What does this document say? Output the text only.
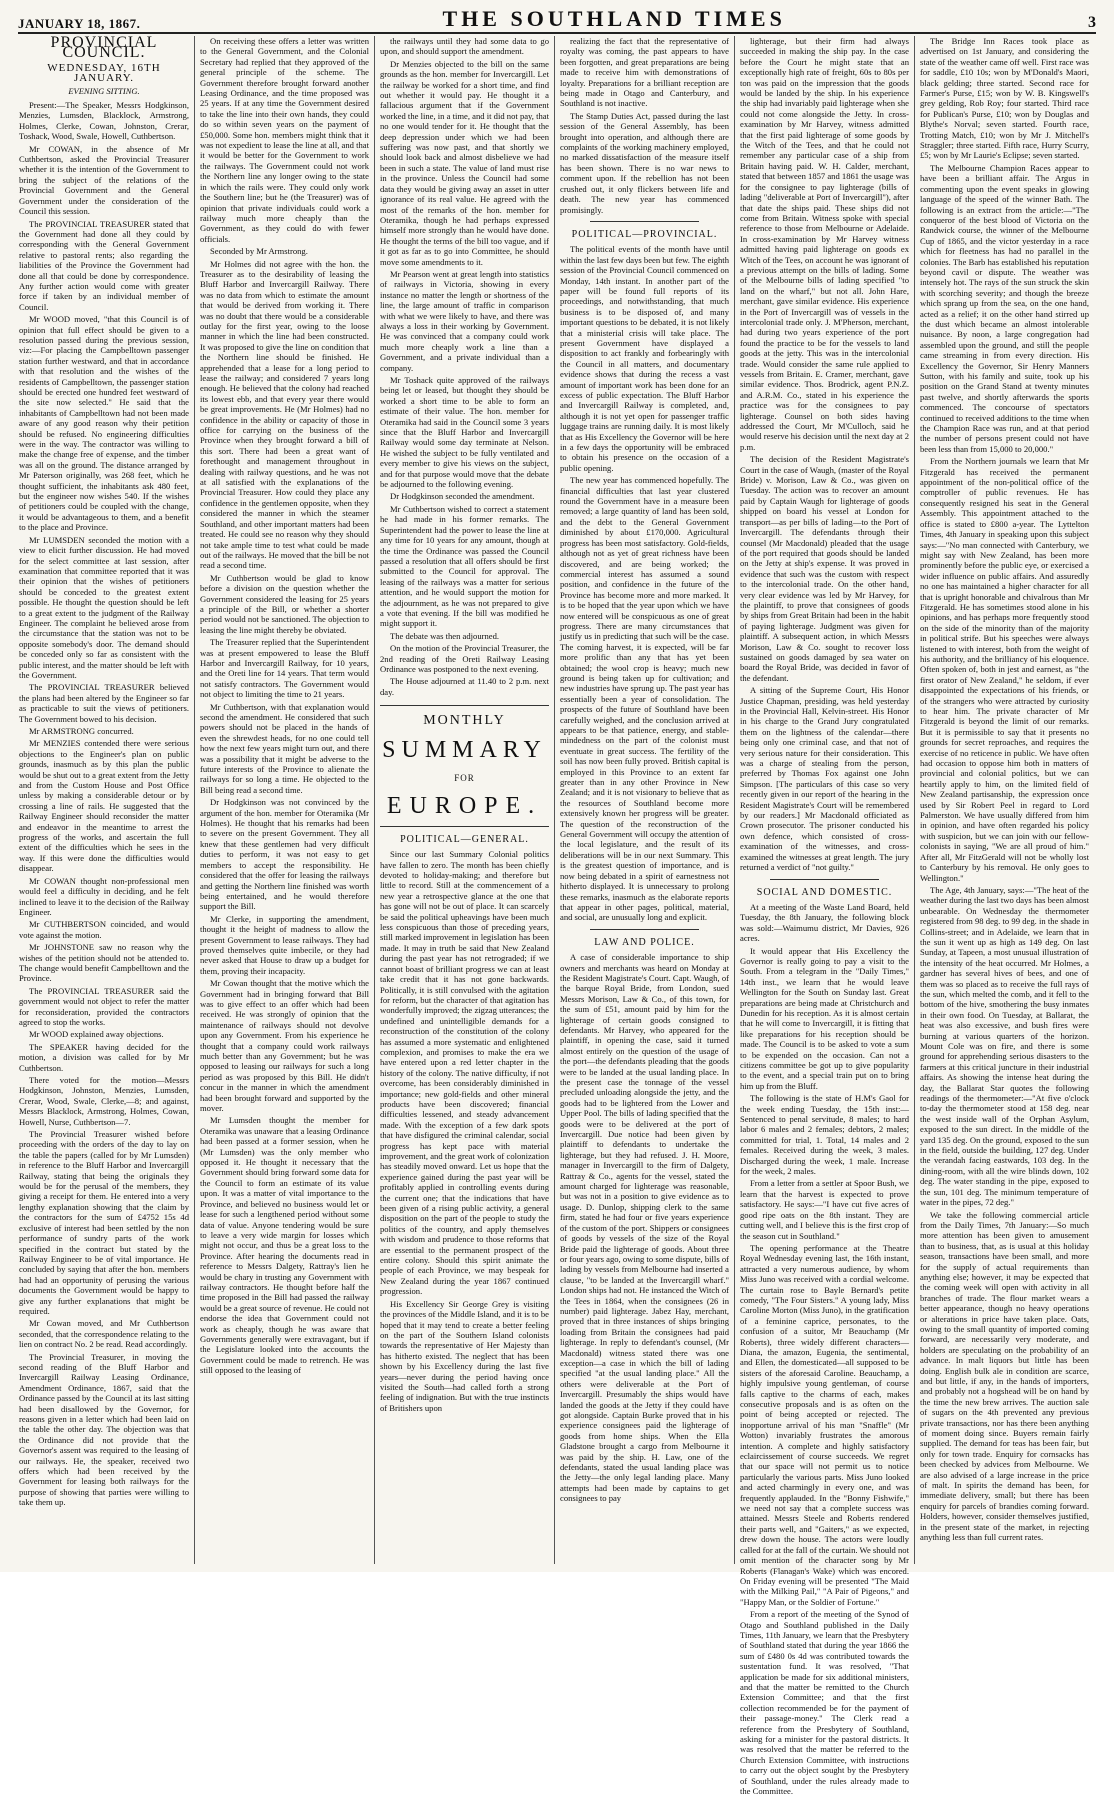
JANUARY 18, 1867.	THE SOUTHLAND TIMES	3
PROVINCIAL COUNCIL.
WEDNESDAY, 16TH JANUARY.
EVENING SITTING.

Present:—The Speaker, Messrs Hodgkinson, Menzies, Lumsden, Blacklock, Armstrong, Holmes, Clerke, Cowan, Johnston, Crerar, Toshack, Wood, Swale, Howell, Cuthbertson.

Mr COWAN, in the absence of Mr Cuthbertson, asked the Provincial Treasurer whether it is the intention of the Government to bring the subject of the relations of the Provincial Government and the General Government under the consideration of the Council this session.

The PROVINCIAL TREASURER stated that the Government had done all they could by corresponding with the General Government relative to pastoral rents; also regarding the liabilities of the Province the Government had done all that could be done by correspondence. Any further action would come with greater force if taken by an individual member of Council.

Mr WOOD moved, "that this Council is of opinion that full effect should be given to a resolution passed during the previous session, viz:—For placing the Campbelltown passenger station further westward, and that in accordance with that resolution and the wishes of the residents of Campbelltown, the passenger station should be erected one hundred feet westward of the site now selected." He said that the inhabitants of Campbelltown had not been made aware of any good reason why their petition should be refused. No engineering difficulties were in the way. The contractor was willing to make the change free of expense, and the timber was all on the ground. The distance arranged by Mr Paterson originally, was 268 feet, which he thought sufficient, the inhabitants ask 480 feet, but the engineer now wishes 540. If the wishes of petitioners could be coupled with the change, it would be advantageous to them, and a benefit to the place and Province.

Mr LUMSDEN seconded the motion with a view to elicit further discussion. He had moved for the select committee at last session, after examination that committee reported that it was their opinion that the wishes of petitioners should be conceded to the greatest extent possible. He thought the question should be left to a great extent to the judgment of the Railway Engineer. The complaint he believed arose from the circumstance that the station was not to be opposite somebody's door. The demand should be conceded only so far as consistent with the public interest, and the matter should be left with the Government.

The PROVINCIAL TREASURER believed the plans had been altered by the Engineer so far as practicable to suit the views of petitioners. The Government bowed to his decision.

Mr ARMSTRONG concurred.

Mr MENZIES contended there were serious objections to the Engineer's plan on public grounds, inasmuch as by this plan the public would be shut out to a great extent from the Jetty and from the Custom House and Post Office unless by making a considerable detour or by crossing a line of rails. He suggested that the Railway Engineer should reconsider the matter and endeavor in the meantime to arrest the progress of the works, and ascertain the full extent of the difficulties which he sees in the way. If this were done the difficulties would disappear.

Mr COWAN thought non-professional men would feel a difficulty in deciding, and he felt inclined to leave it to the decision of the Railway Engineer.

Mr CUTHBERTSON coincided, and would vote against the motion.

Mr JOHNSTONE saw no reason why the wishes of the petition should not be attended to. The change would benefit Campbelltown and the Province.

The PROVINCIAL TREASURER said the government would not object to refer the matter for reconsideration, provided the contractors agreed to stop the works.

Mr WOOD explained away objections.

The SPEAKER having decided for the motion, a division was called for by Mr Cuthbertson.

There voted for the motion—Messrs Hodgkinson, Johnston, Menzies, Lumsden, Crerar, Wood, Swale, Clerke,—8; and against, Messrs Blacklock, Armstrong, Holmes, Cowan, Howell, Nurse, Cuthbertson—7.

The Provincial Treasurer wished before proceeding with the orders of the day to lay on the table the papers (called for by Mr Lumsden) in reference to the Bluff Harbor and Invercargill Railway, stating that being the originals they would be for the perusal of the members, they giving a receipt for them. He entered into a very lengthy explanation showing that the claim by the contractors for the sum of £4752 15s 4d exclusive of interest had been settled by the non performance of sundry parts of the work specified in the contract but stated by the Railway Engineer to be of vital importance. He concluded by saying that after the hon. members had had an opportunity of perusing the various documents the Government would be happy to give any further explanations that might be required.

Mr Cowan moved, and Mr Cuthbertson seconded, that the correspondence relating to the lien on contract No. 2 be read. Read accordingly.

The Provincial Treasurer, in moving the second reading of the Bluff Harbor and Invercargill Railway Leasing Ordinance, Amendment Ordinance, 1867, said that the Ordinance passed by the Council at its last sitting had been disallowed by the Governor, for reasons given in a letter which had been laid on the table the other day. The objection was that the Ordinance did not provide that the Governor's assent was required to the leasing of our railways. He, the speaker, received two offers which had been received by the Government for leasing both railways for the purpose of showing that parties were willing to take them up.

On receiving these offers a letter was written to the General Government, and the Colonial Secretary had replied that they approved of the general principle of the scheme. The Government therefore brought forward another Leasing Ordinance, and the time proposed was 25 years. If at any time the Government desired to take the line into their own hands, they could do so within seven years on the payment of £50,000. Some hon. members might think that it was not expedient to lease the line at all, and that it would be better for the Government to work the railways. The Government could not work the Northern line any longer owing to the state in which the rails were. They could only work the Southern line; but he (the Treasurer) was of opinion that private individuals could work a railway much more cheaply than the Government, as they could do with fewer officials.

Seconded by Mr Armstrong.

Mr Holmes did not agree with the hon. the Treasurer as to the desirability of leasing the Bluff Harbor and Invercargill Railway. There was no data from which to estimate the amount that would be derived from working it. There was no doubt that there would be a considerable outlay for the first year, owing to the loose manner in which the line had been constructed. It was proposed to give the line on condition that the Northern line should be finished. He apprehended that a lease for a long period to lease the railway; and considered 7 years long enough. He believed that the colony had reached its lowest ebb, and that every year there would be great improvements. He (Mr Holmes) had no confidence in the ability or capacity of those in office for carrying on the business of the Province when they brought forward a bill of this sort. There had been a great want of forethought and management throughout in dealing with railway questions, and he was not at all satisfied with the explanations of the Provincial Treasurer. How could they place any confidence in the gentlemen opposite, when they considered the manner in which the steamer Southland, and other important matters had been treated. He could see no reason why they should not take ample time to test what could be made out of the railways. He moved that the bill be not read a second time.

Mr Cuthbertson would be glad to know before a division on the question whether the Government considered the leasing for 25 years a principle of the Bill, or whether a shorter period would not be sanctioned. The objection to leasing the line might thereby be obviated.

The Treasurer replied that the Superintendent was at present empowered to lease the Bluff Harbor and Invercargill Railway, for 10 years, and the Oreti line for 14 years. That term would not satisfy contractors. The Government would not object to limiting the time to 21 years.

Mr Cuthbertson, with that explanation would second the amendment. He considered that such powers should not be placed in the hands of even the shrewdest heads, for no one could tell how the next few years might turn out, and there was a possibility that it might be adverse to the future interests of the Province to alienate the railways for so long a time. He objected to the Bill being read a second time.

Dr Hodgkinson was not convinced by the argument of the hon. member for Oteramika (Mr Holmes). He thought that his remarks had been to severe on the present Government. They all knew that these gentlemen had very difficult duties to perform, it was not easy to get members to accept the responsibility. He considered that the offer for leasing the railways and getting the Northern line finished was worth being entertained, and he would therefore support the Bill.

Mr Clerke, in supporting the amendment, thought it the height of madness to allow the present Government to lease railways. They had proved themselves quite imbecile, or they had never asked that House to draw up a budget for them, proving their incapacity.

Mr Cowan thought that the motive which the Government had in bringing forward that Bill was to give effect to an offer which had been received. He was strongly of opinion that the maintenance of railways should not devolve upon any Government. From his experience he thought that a company could work railways much better than any Government; but he was opposed to leasing our railways for such a long period as was proposed by this Bill. He didn't concur in the manner in which the amendment had been brought forward and supported by the mover.

Mr Lumsden thought the member for Oteramika was unaware that a leasing Ordinance had been passed at a former session, when he (Mr Lumsden) was the only member who opposed it. He thought it necessary that the Government should bring forward some data for the Council to form an estimate of its value upon. It was a matter of vital importance to the Province, and believed no business would let or lease for such a lengthened period without some data of value. Anyone tendering would be sure to leave a very wide margin for losses which might not occur, and thus be a great loss to the Province. After hearing the documents read in reference to Messrs Dalgety, Rattray's lien he would be chary in trusting any Government with railway contractors. He thought before half the time proposed in the Bill had passed the railway would be a great source of revenue. He could not endorse the idea that Government could not work as cheaply, though he was aware that Governments generally were extravagant, but if the Legislature looked into the accounts the Government could be made to retrench. He was still opposed to the leasing of

the railways until they had some data to go upon, and should support the amendment.

Dr Menzies objected to the bill on the same grounds as the hon. member for Invercargill. Let the railway be worked for a short time, and find out whether it would pay. He thought it a fallacious argument that if the Government worked the line, in a time, and it did not pay, that no one would tender for it. He thought that the deep depression under which we had been suffering was now past, and that shortly we should look back and almost disbelieve we had been in such a state. The value of land must rise in the province. Unless the Council had some data they would be giving away an asset in utter ignorance of its real value. He agreed with the most of the remarks of the hon. member for Oteramika, though he had perhaps expressed himself more strongly than he would have done. He thought the terms of the bill too vague, and if it got as far as to go into Committee, he should move some amendments to it.

Mr Pearson went at great length into statistics of railways in Victoria, showing in every instance no matter the length or shortness of the line, the large amount of traffic in comparison with what we were likely to have, and there was always a loss in their working by Government. He was convinced that a company could work much more cheaply work a line than a Government, and a private individual than a company.

Mr Toshack quite approved of the railways being let or leased, but thought they should be worked a short time to be able to form an estimate of their value. The hon. member for Oteramika had said in the Council some 3 years since that the Bluff Harbor and Invercargill Railway would some day terminate at Nelson. He wished the subject to be fully ventilated and every member to give his views on the subject, and for that purpose would move that the debate be adjourned to the following evening.

Dr Hodgkinson seconded the amendment.

Mr Cuthbertson wished to correct a statement he had made in his former remarks. The Superintendent had the power to lease the line at any time for 10 years for any amount, though at the time the Ordinance was passed the Council passed a resolution that all offers should be first submitted to the Council for approval. The leasing of the railways was a matter for serious attention, and he would support the motion for the adjournment, as he was not prepared to give a vote that evening. If the bill was modified he might support it.

The debate was then adjourned.

On the motion of the Provincial Treasurer, the 2nd reading of the Oreti Railway Leasing Ordinance was postponed to the next evening.

The House adjourned at 11.40 to 2 p.m. next day.

MONTHLY
SUMMARY
FOR
EUROPE.
POLITICAL—GENERAL.

Since our last Summary Colonial politics have fallen to zero. The month has been chiefly devoted to holiday-making; and therefore but little to record. Still at the commencement of a new year a retrospective glance at the one that has gone will not be out of place. It can scarcely be said the political upheavings have been much less conspicuous than those of preceding years, still marked improvement in legislation has been made. It may in truth be said that New Zealand during the past year has not retrograded; if we cannot boast of brilliant progress we can at least take credit that it has not gone backwards. Politically, it is still convulsed with the agitation for reform, but the character of that agitation has wonderfully improved; the zigzag utterances; the undefined and unintelligible demands for a reconstruction of the constitution of the colony has assumed a more systematic and enlightened complexion, and promises to make the era we have entered upon a red letter chapter in the history of the colony. The native difficulty, if not overcome, has been considerably diminished in importance; new gold-fields and other mineral products have been discovered; financial difficulties lessened, and steady advancement made. With the exception of a few dark spots that have disfigured the criminal calendar, social progress has kept pace with material improvement, and the great work of colonization has steadily moved onward. Let us hope that the experience gained during the past year will be profitably applied in controlling events during the current one; that the indications that have been given of a rising public activity, a general disposition on the part of the people to study the politics of the country, and apply themselves with wisdom and prudence to those reforms that are essential to the permanent prospect of the entire colony. Should this spirit animate the people of each Province, we may bespeak for New Zealand during the year 1867 continued progression.

His Excellency Sir George Grey is visiting the provinces of the Middle Island, and it is to be hoped that it may tend to create a better feeling on the part of the Southern Island colonists towards the representative of Her Majesty than has hitherto existed. The neglect that has been shown by his Excellency during the last five years—never during the period having once visited the South—had called forth a strong feeling of indignation. But with the true instincts of Britishers upon

realizing the fact that the representative of royalty was coming, the past appears to have been forgotten, and great preparations are being made to receive him with demonstrations of loyalty. Preparations for a brilliant reception are being made in Otago and Canterbury, and Southland is not inactive.

The Stamp Duties Act, passed during the last session of the General Assembly, has been brought into operation, and although there are complaints of the working machinery employed, no marked dissatisfaction of the measure itself has been shown. There is no war news to comment upon. If the rebellion has not been crushed out, it only flickers between life and death. The new year has commenced promisingly.

POLITICAL—PROVINCIAL.

The political events of the month have until within the last few days been but few. The eighth session of the Provincial Council commenced on Monday, 14th instant. In another part of the paper will be found full reports of its proceedings, and notwithstanding, that much business is to be disposed of, and many important questions to be debated, it is not likely that a ministerial crisis will take place. The present Government have displayed a disposition to act frankly and forbearingly with the Council in all matters, and documentary evidence shows that during the recess a vast amount of important work has been done for an excess of public expectation. The Bluff Harbor and Invercargill Railway is completed, and, although it is not yet open for passenger traffic luggage trains are running daily. It is most likely that as His Excellency the Governor will be here in a few days the opportunity will be embraced to obtain his presence on the occasion of a public opening.

The new year has commenced hopefully. The financial difficulties that last year clustered round the Government have in a measure been removed; a large quantity of land has been sold, and the debt to the General Government diminished by about £170,000. Agricultural progress has been most satisfactory. Gold-fields, although not as yet of great richness have been discovered, and are being worked; the commercial interest has assumed a sound position, and confidence in the future of the Province has become more and more marked. It is to be hoped that the year upon which we have now entered will be conspicuous as one of great progress. There are many circumstances that justify us in predicting that such will be the case. The coming harvest, it is expected, will be far more prolific than any that has yet been obtained; the wool crop is heavy; much new ground is being taken up for cultivation; and new industries have sprung up. The past year has essentially been a year of consolidation. The prospects of the future of Southland have been carefully weighed, and the conclusion arrived at appears to be that patience, energy, and stable-mindedness on the part of the colonist must eventuate in great success. The fertility of the soil has now been fully proved. British capital is employed in this Province to an extent far greater than in any other Province in New Zealand; and it is not visionary to believe that as the resources of Southland become more extensively known her progress will be greater. The question of the reconstruction of the General Government will occupy the attention of the local legislature, and the result of its deliberations will be in our next Summary. This is the greatest question of importance, and is now being debated in a spirit of earnestness not hitherto displayed. It is unnecessary to prolong these remarks, inasmuch as the elaborate reports that appear in other pages, political, material, and social, are unusually long and explicit.

LAW AND POLICE.

A case of considerable importance to ship owners and merchants was heard on Monday at the Resident Magistrate's Court. Capt. Waugh, of the barque Royal Bride, from London, sued Messrs Morison, Law & Co., of this town, for the sum of £51, amount paid by him for the lighterage of certain goods consigned to defendants. Mr Harvey, who appeared for the plaintiff, in opening the case, said it turned almost entirely on the question of the usage of the port—the defendants pleading that the goods were to be landed at the usual landing place. In the present case the tonnage of the vessel precluded unloading alongside the jetty, and the goods had to be lightered from the Lower and Upper Pool. The bills of lading specified that the goods were to be delivered at the port of Invercargill. Due notice had been given by plaintiff to defendants to undertake the lighterage, but they had refused. J. H. Moore, manager in Invercargill to the firm of Dalgety, Rattray & Co., agents for the vessel, stated the amount charged for lighterage was reasonable, but was not in a position to give evidence as to usage. D. Dunlop, shipping clerk to the same firm, stated he had four or five years experience of the custom of the port. Shippers or consignees of goods by vessels of the size of the Royal Bride paid the lighterage of goods. About three or four years ago, owing to some dispute, bills of lading by vessels from Melbourne had inserted a clause, "to be landed at the Invercargill wharf." London ships had not. He instanced the Witch of the Tees in 1864, when the consignees (26 in number) paid lighterage. Jabez Hay, merchant, proved that in three instances of ships bringing loading from Britain the consignees had paid lighterage. In reply to defendant's counsel, (Mr Macdonald) witness stated there was one exception—a case in which the bill of lading specified "at the usual landing place." All the others were deliverable at the Port of Invercargill. Presumably the ships would have landed the goods at the Jetty if they could have got alongside. Captain Burke proved that in his experience consignees paid the lighterage of goods from home ships. When the Ella Gladstone brought a cargo from Melbourne it was paid by the ship. H. Law, one of the defendants, stated the usual landing place was the Jetty—the only legal landing place. Many attempts had been made by captains to get consignees to pay

lighterage, but their firm had always succeeded in making the ship pay. In the case before the Court he might state that an exceptionally high rate of freight, 60s to 80s per ton was paid on the impression that the goods would be landed by the ship. In his experience the ship had invariably paid lighterage when she could not come alongside the Jetty. In cross-examination by Mr Harvey, witness admitted that the first paid lighterage of some goods by the Witch of the Tees, and that he could not remember any particular case of a ship from Britain having paid. W. H. Calder, merchant, stated that between 1857 and 1861 the usage was for the consignee to pay lighterage (bills of lading "deliverable at Port of Invercargill"), after that date the ships paid. These ships did not come from Britain. Witness spoke with special reference to those from Melbourne or Adelaide. In cross-examination by Mr Harvey witness admitted having paid lighterage on goods ex Witch of the Tees, on account he was ignorant of a previous attempt on the bills of lading. Some of the Melbourne bills of lading specified "to land on the wharf," but not all. John Hare, merchant, gave similar evidence. His experience in the Port of Invercargill was of vessels in the intercolonial trade only. J. M'Pherson, merchant, had during two years experience of the port found the practice to be for the vessels to land goods at the jetty. This was in the intercolonial trade. Would consider the same rule applied to vessels from Britain. E. Cramer, merchant, gave similar evidence. Thos. Brodrick, agent P.N.Z. and A.R.M. Co., stated in his experience the practice was for the consignees to pay lighterage. Counsel on both sides having addressed the Court, Mr M'Culloch, said he would reserve his decision until the next day at 2 p.m.

The decision of the Resident Magistrate's Court in the case of Waugh, (master of the Royal Bride) v. Morison, Law & Co., was given on Tuesday. The action was to recover an amount paid by Captain Waugh for lighterage of goods shipped on board his vessel at London for transport—as per bills of lading—to the Port of Invercargill. The defendants through their counsel (Mr Macdonald) pleaded that the usage of the port required that goods should be landed on the Jetty at ship's expense. It was proved in evidence that such was the custom with respect to the intercolonial trade. On the other hand, very clear evidence was led by Mr Harvey, for the plaintiff, to prove that consignees of goods by ships from Great Britain had been in the habit of paying lighterage. Judgment was given for plaintiff. A subsequent action, in which Messrs Morison, Law & Co. sought to recover loss sustained on goods damaged by sea water on board the Royal Bride, was decided in favor of the defendant.

A sitting of the Supreme Court, His Honor Justice Chapman, presiding, was held yesterday in the Provincial Hall, Kelvin-street. His Honor in his charge to the Grand Jury congratulated them on the lightness of the calendar—there being only one criminal case, and that not of very serious nature for their consideration. This was a charge of stealing from the person, preferred by Thomas Fox against one John Simpson. [The particulars of this case so very recently given in our report of the hearing in the Resident Magistrate's Court will be remembered by our readers.] Mr Macdonald officiated as Crown prosecutor. The prisoner conducted his own defence, which consisted of cross-examination of the witnesses, and cross-examined the witnesses at great length. The jury returned a verdict of "not guilty."

SOCIAL AND DOMESTIC.

At a meeting of the Waste Land Board, held Tuesday, the 8th January, the following block was sold:—Waimumu district, Mr Davies, 926 acres.

It would appear that His Excellency the Governor is really going to pay a visit to the South. From a telegram in the "Daily Times," 14th inst., we learn that he would leave Wellington for the South on Sunday last. Great preparations are being made at Christchurch and Dunedin for his reception. As it is almost certain that he will come to Invercargill, it is fitting that like preparations for his reception should be made. The Council is to be asked to vote a sum to be expended on the occasion. Can not a citizens committee be got up to give popularity to the event, and a special train put on to bring him up from the Bluff.

The following is the state of H.M's Gaol for the week ending Tuesday, the 15th inst:—Sentenced to penal servitude, 8 males; to hard labor 6 males and 2 females; debtors, 2 males; committed for trial, 1. Total, 14 males and 2 females. Received during the week, 3 males. Discharged during the week, 1 male. Increase for the week, 2 males.

From a letter from a settler at Spoor Bush, we learn that the harvest is expected to prove satisfactory. He says:—"I have cut five acres of good ripe oats on the 8th instant. They are cutting well, and I believe this is the first crop of the season cut in Southland."

The opening performance at the Theatre Royal Wednesday evening last, the 16th instant, attracted a very numerous audience, by whom Miss Juno was received with a cordial welcome. The curtain rose to Bayle Bernard's petite comedy, "The Four Sisters." A young lady, Miss Caroline Morton (Miss Juno), in the gratification of a feminine caprice, personates, to the confusion of a suitor, Mr Beauchamp (Mr Roberts), three widely different characters—Diana, the amazon, Eugenia, the sentimental, and Ellen, the domesticated—all supposed to be sisters of the aforesaid Caroline. Beauchamp, a highly impulsive young gentleman, of course falls captive to the charms of each, makes consecutive proposals and is as often on the point of being accepted or rejected. The inopportune arrival of his man "Snaffle" (Mr Wotton) invariably frustrates the amorous intention. A complete and highly satisfactory eclaircissement of course succeeds. We regret that our space will not permit us to notice particularly the various parts. Miss Juno looked and acted charmingly in every one, and was frequently applauded. In the "Bonny Fishwife," we need not say that a complete success was attained. Messrs Steele and Roberts rendered their parts well, and "Gaiters," as we expected, drew down the house. The actors were loudly called for at the fall of the curtain. We should not omit mention of the character song by Mr Roberts (Flanagan's Wake) which was encored. On Friday evening will be presented "The Maid with the Milking Pail," "A Pair of Pigeons," and "Happy Man, or the Soldier of Fortune."

From a report of the meeting of the Synod of Otago and Southland published in the Daily Times, 11th January, we learn that the Presbytery of Southland stated that during the year 1866 the sum of £480 0s 4d was contributed towards the sustentation fund. It was resolved, "That application be made for six additional ministers, and that the matter be remitted to the Church Extension Committee; and that the first collection recommended be for the payment of their passage-money." The Clerk read a reference from the Presbytery of Southland, asking for a minister for the pastoral districts. It was resolved that the matter be referred to the Church Extension Committee, with instructions to carry out the object sought by the Presbytery of Southland, under the rules already made to the Committee.

The Bridge Inn Races took place as advertised on 1st January, and considering the state of the weather came off well. First race was for saddle, £10 10s; won by M'Donald's Maori, black gelding; three started. Second race for Farmer's Purse, £15; won by W. B. Kingswell's grey gelding, Rob Roy; four started. Third race for Publican's Purse, £10; won by Douglas and Blythe's Norval; seven started. Fourth race, Trotting Match, £10; won by Mr J. Mitchell's Straggler; three started. Fifth race, Hurry Scurry, £5; won by Mr Laurie's Eclipse; seven started.

The Melbourne Champion Races appear to have been a brilliant affair. The Argus in commenting upon the event speaks in glowing language of the speed of the winner Bath. The following is an extract from the article:—"The conqueror of the best blood of Victoria on the Randwick course, the winner of the Melbourne Cup of 1865, and the victor yesterday in a race which for fleetness has had no parallel in the colonies. The Barb has established his reputation beyond cavil or dispute. The weather was intensely hot. The rays of the sun struck the skin with scorching severity; and though the breeze which sprang up from the sea, on the one hand, acted as a relief; it on the other hand stirred up the dust which became an almost intolerable nuisance. By noon, a large congregation had assembled upon the ground, and still the people came streaming in from every direction. His Excellency the Governor, Sir Henry Manners Sutton, with his family and suite, took up his position on the Grand Stand at twenty minutes past twelve, and shortly afterwards the sports commenced. The concourse of spectators continued to received additions to the time when the Champion Race was run, and at that period the number of persons present could not have been less than from 15,000 to 20,000."

From the Northern journals we learn that Mr Fitzgerald has received the permanent appointment of the non-political office of the comptroller of public revenues. He has consequently resigned his seat in the General Assembly. This appointment attached to the office is stated to £800 a-year. The Lyttelton Times, 4th January in speaking upon this subject says:—"No man connected with Canterbury, we might say with New Zealand, has been more prominently before the public eye, or exercised a wider influence on public affairs. And assuredly no one has maintained a higher character for all that is upright honorable and chivalrous than Mr Fitzgerald. He has sometimes stood alone in his opinions, and has perhaps more frequently stood on the side of the minority than of the majority in political strife. But his speeches were always listened to with interest, both from the weight of his authority, and the brilliancy of his eloquence. Often spoken of, both in jest and earnest, as "the first orator of New Zealand," he seldom, if ever disappointed the expectations of his friends, or of the strangers who were attracted by curiosity to hear him. The private character of Mr Fitzgerald is beyond the limit of our remarks. But it is permissible to say that it presents no grounds for secret reproaches, and requires the exercise of no reticence in public. We have often had occasion to oppose him both in matters of provincial and colonial politics, but we can heartily apply to him, on the limited field of New Zealand partisanship, the expression once used by Sir Robert Peel in regard to Lord Palmerston. We have usually differed from him in opinion, and have often regarded his policy with suspicion, but we can join with our fellow-colonists in saying, "We are all proud of him." After all, Mr FitzGerald will not be wholly lost to Canterbury by his removal. He only goes to Wellington."

The Age, 4th January, says:—"The heat of the weather during the last two days has been almost unbearable. On Wednesday the thermometer registered from 98 deg. to 99 deg. in the shade in Collins-street; and in Adelaide, we learn that in the sun it went up as high as 149 deg. On last Sunday, at Tapeen, a most unusual illustration of the intensity of the heat occurred. Mr Holmes, a gardner has several hives of bees, and one of them was so placed as to receive the full rays of the sun, which melted the comb, and it fell to the bottom of the hive, smothering the busy inmates in their own food. On Tuesday, at Ballarat, the heat was also excessive, and bush fires were burning at various quarters of the horizon. Mount Cole was on fire, and there is some ground for apprehending serious disasters to the farmers at this critical juncture in their industrial affairs. As showing the intense heat during the day, the Ballarat Star quotes the following readings of the thermometer:—"At five o'clock to-day the thermometer stood at 158 deg. near the west inside wall of the Orphan Asylum, exposed to the sun direct. In the middle of the yard 135 deg. On the ground, exposed to the sun in the field, outside the building, 127 deg. Under the verandah facing eastwards, 103 deg. In the dining-room, with all the wire blinds down, 102 deg. The water standing in the pipe, exposed to the sun, 101 deg. The minimum temperature of water in the pipes, 72 deg."

We take the following commercial article from the Daily Times, 7th January:—So much more attention has been given to amusement than to business, that, as is usual at this holiday season, transactions have been small, and more for the supply of actual requirements than anything else; however, it may be expected that the coming week will open with activity in all branches of trade. The flour market wears a better appearance, though no heavy operations or alterations in price have taken place. Oats, owing to the small quantity of imported coming forward, are necessarily very moderate, and holders are speculating on the probability of an advance. In malt liquors but little has been doing. English bulk ale in condition are scarce, and but little, if any, in the hands of importers, and probably not a hogshead will be on hand by the time the new brew arrives. The auction sale of sugars on the 4th prevented any previous private transactions, nor has there been anything of moment doing since. Buyers remain fairly supplied. The demand for teas has been fair, but only for town trade. Enquiry for cornsacks has been checked by advices from Melbourne. We are also advised of a large increase in the price of malt. In spirits the demand has been, for immediate delivery, small; but there has been enquiry for parcels of brandies coming forward. Holders, however, consider themselves justified, in the present state of the market, in rejecting anything less than full current rates.
